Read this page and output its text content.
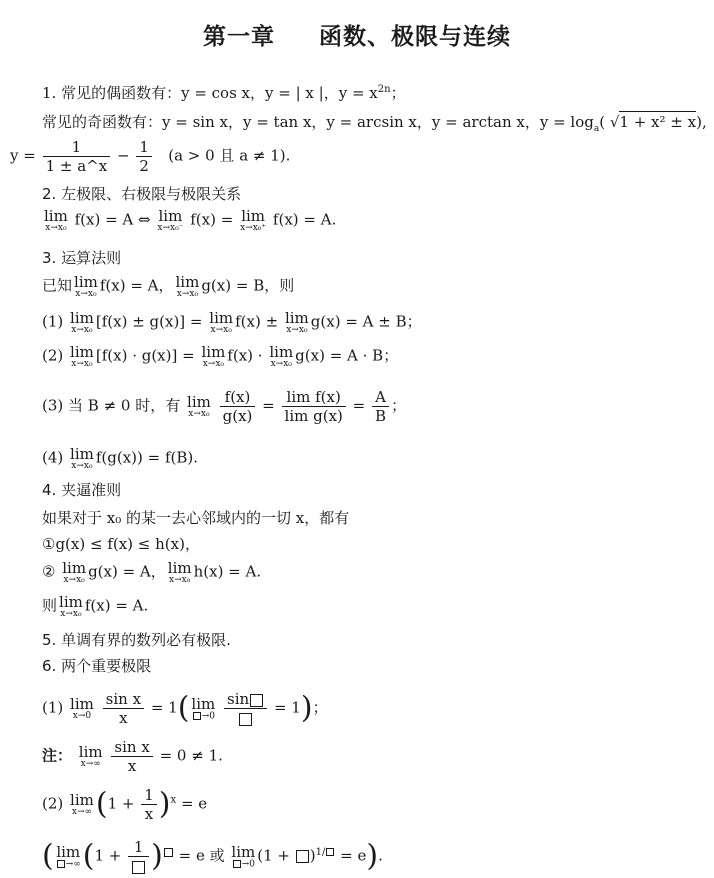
第一章 函数、极限与连续
1. 常见的偶函数有：y = cos x，y = | x |，$y = x^{2n}$；
常见的奇函数有：y = sin x，y = tan x，y = arcsin x，y = arctan x，$y = \log_a$( √1 + x² ± x),
$y = \frac{1}{1 \pm a\^{}x} - \frac{1}{2} (a > 0$ 且 a ≠ 1).
2. 左极限、右极限与极限关系
lim
x→x₀ f(x) = A ⇔ lim
x→x₀⁻ f(x) = lim
x→x₀⁺ f(x) = A.
3. 运算法则
已知 lim
x→x₀ f(x) = A， lim
x→x₀ g(x) = B，则
(1) lim
x→x₀ [f(x) ± g(x)] = lim
x→x₀ f(x) ± lim
x→x₀ g(x) = A ± B；
(2) lim
x→x₀ [f(x) · g(x)] = lim
x→x₀ f(x) · lim
x→x₀ g(x) = A · B；
(3) 当 B ≠ 0 时，有 lim
x→x₀
$\frac{f(x)}{g(x)} = \frac{\text{lim f(x)}}{\text{lim g(x)}} = \frac{A}{B}$ ；
(4) lim
x→x₀ f(g(x)) = f(B).
4. 夹逼准则
如果对于 x₀ 的某一去心邻域内的一切 x，都有
①g(x) ≤ f(x) ≤ h(x)，
② lim
x→x₀ g(x) = A， lim
x→x₀ h(x) = A.
则 lim
x→x₀ f(x) = A.
5. 单调有界的数列必有极限.
6. 两个重要极限
(1) lim
x→0
$\frac{\text{sin x}}{x} = 1$( lim
→0

sin	= 1)；
注： lim
x→∞
$\frac{\text{sin x}}{x} = 0 \ne 1$.
(2) lim
x→∞ $(1 + \frac{1}{x} )^x = e$
( lim
→∞ (1 + 1 ) = e 或 lim
→0 $(1 + )^{1/} = e$).
